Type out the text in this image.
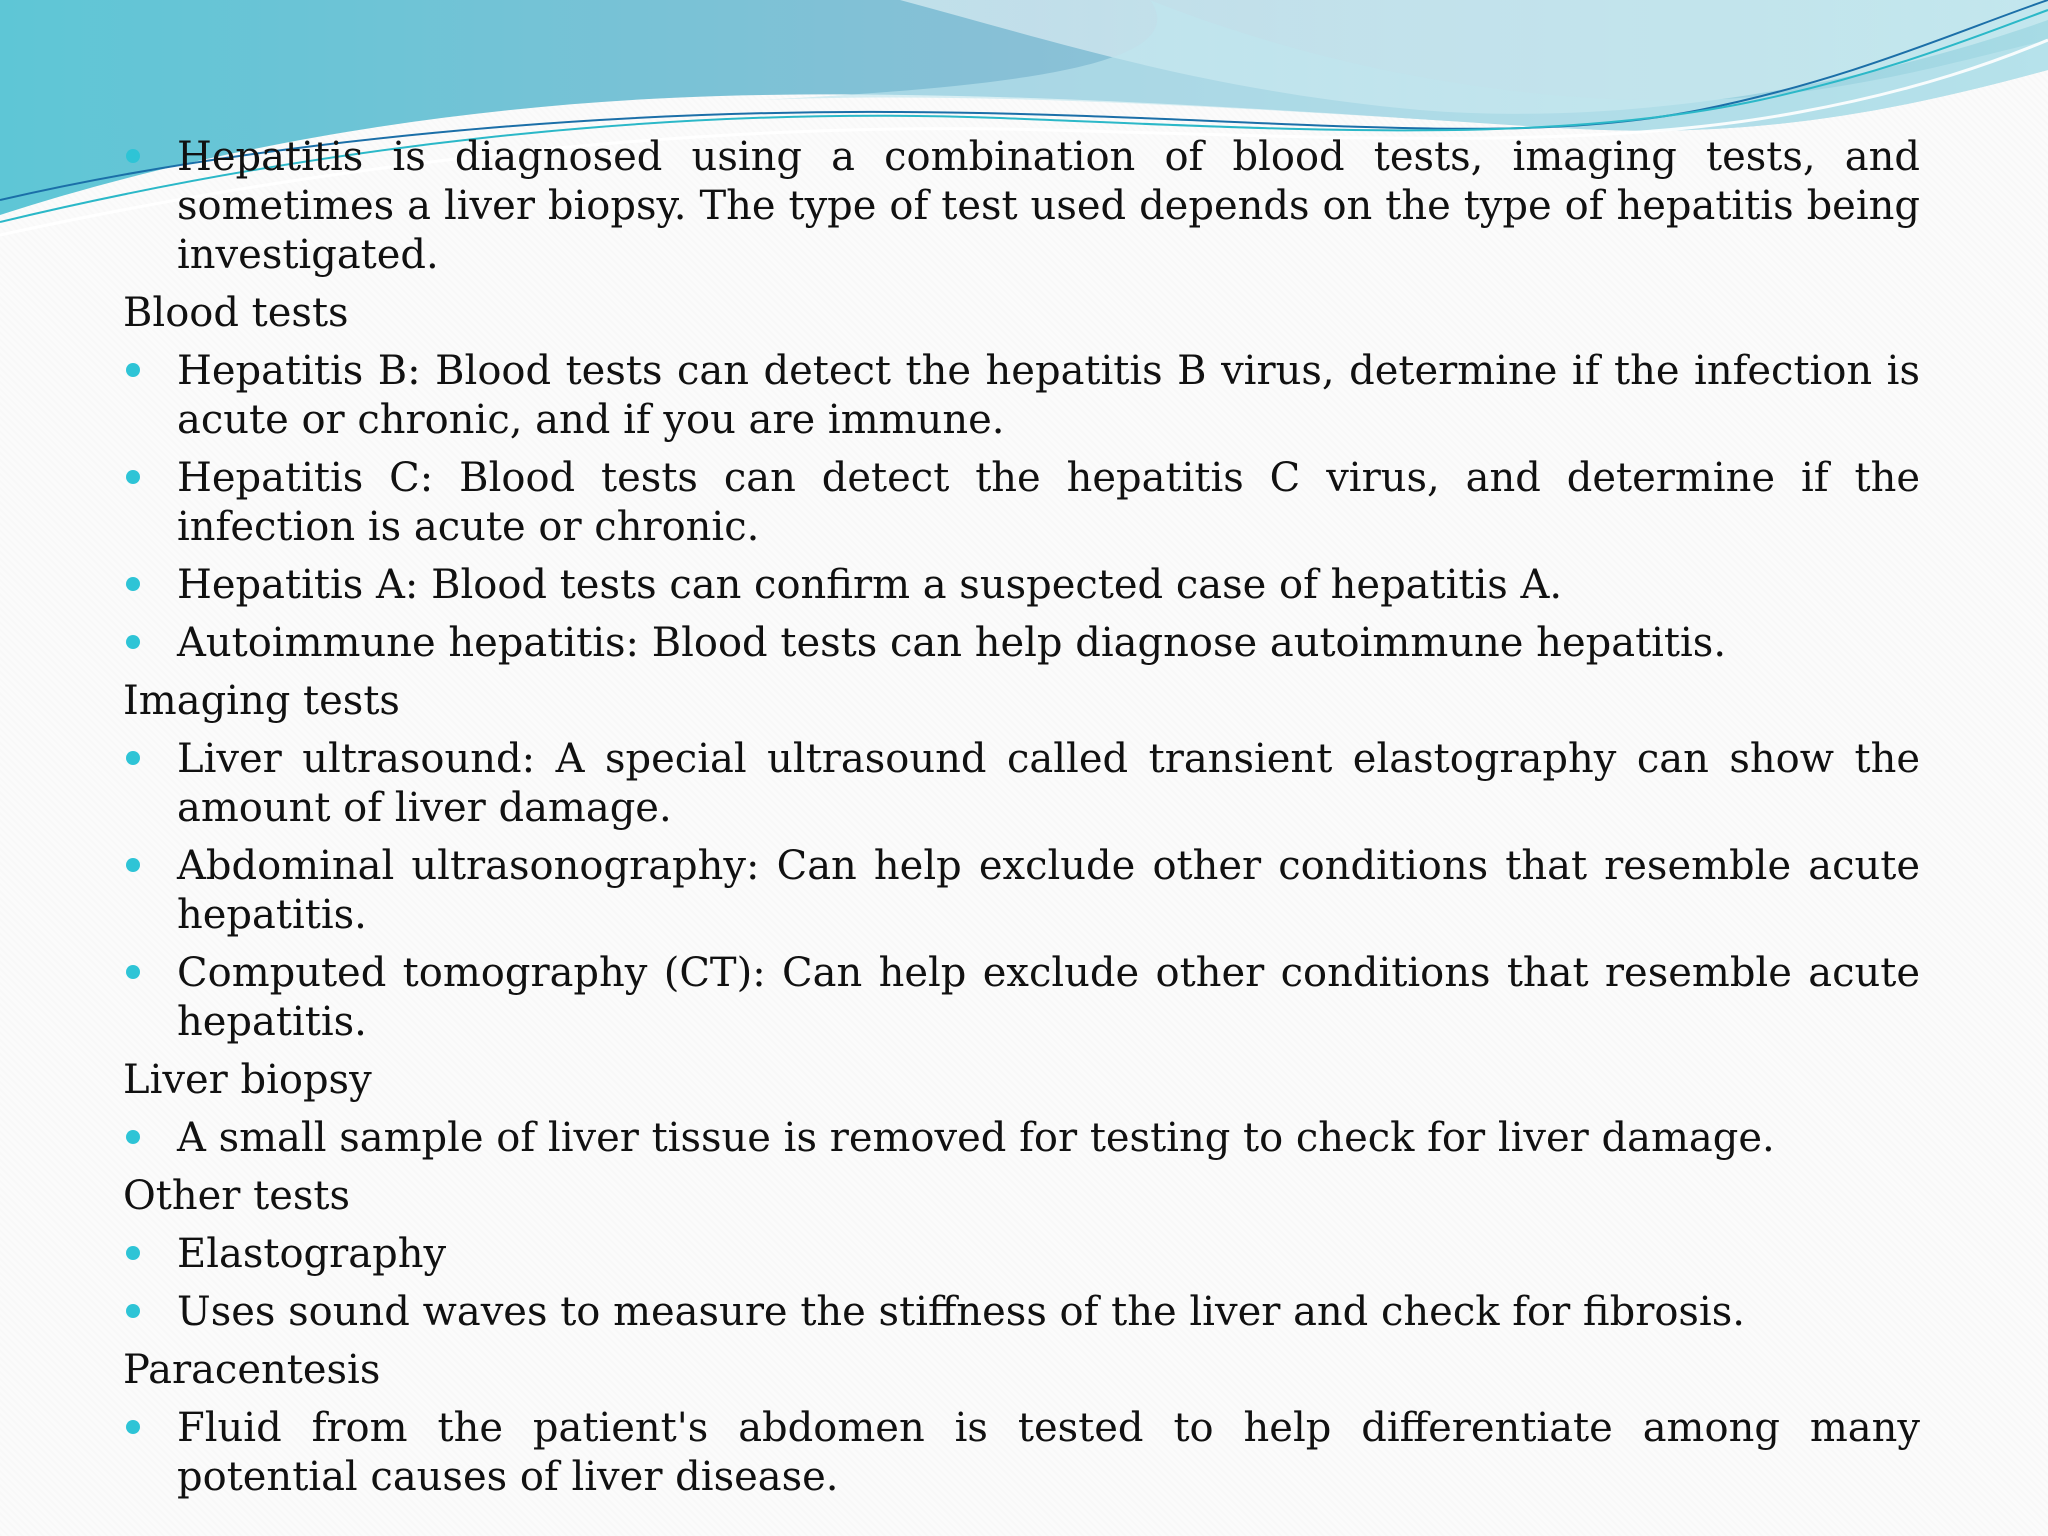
Hepatitis is diagnosed using a combination of blood tests, imaging tests, and sometimes a liver biopsy. The type of test used depends on the type of hepatitis being investigated.
Blood tests
Hepatitis B: Blood tests can detect the hepatitis B virus, determine if the infection is acute or chronic, and if you are immune.
Hepatitis C: Blood tests can detect the hepatitis C virus, and determine if the infection is acute or chronic.
Hepatitis A: Blood tests can confirm a suspected case of hepatitis A.
Autoimmune hepatitis: Blood tests can help diagnose autoimmune hepatitis.
Imaging tests
Liver ultrasound: A special ultrasound called transient elastography can show the amount of liver damage.
Abdominal ultrasonography: Can help exclude other conditions that resemble acute hepatitis.
Computed tomography (CT): Can help exclude other conditions that resemble acute hepatitis.
Liver biopsy
A small sample of liver tissue is removed for testing to check for liver damage.
Other tests
Elastography
Uses sound waves to measure the stiffness of the liver and check for fibrosis.
Paracentesis
Fluid from the patient's abdomen is tested to help differentiate among many potential causes of liver disease.
